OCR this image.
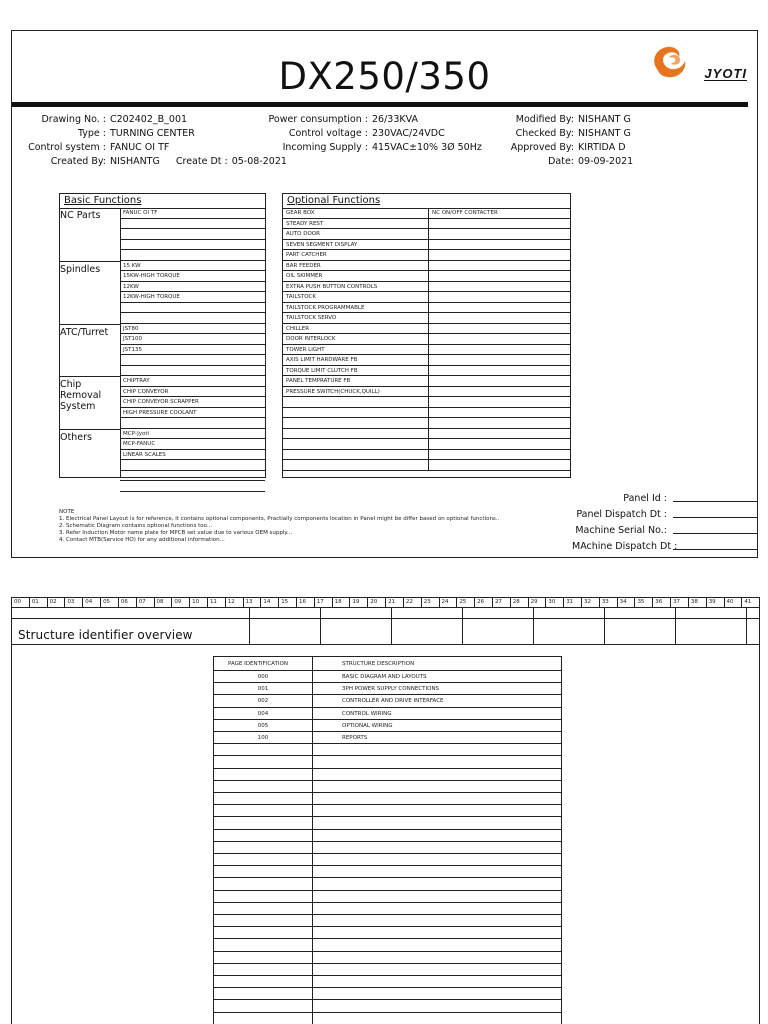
DX250/350	JYOTI
Drawing No. : C202402_B_001
Type : TURNING CENTER
Control system : FANUC OI TF
Created By: NISHANTG Create Dt : 05-08-2021
Power consumption : 26/33KVA
Control voltage : 230VAC/24VDC
Incoming Supply : 415VAC±10% 3Ø 50Hz
Modified By: NISHANT G
Checked By: NISHANT G
Approved By: KIRTIDA D
Date: 09-09-2021
Basic Functions
NC Parts	FANUC OI TF
Spindles	15 KW
15KW-HIGH TORQUE
12KW
12KW-HIGH TORQUE
ATC/Turret	JST80
JST100
JST135
Chip Removal System
CHIPTRAY
CHIP CONVEYOR
CHIP CONVEYOR SCRAPPER
HIGH PRESSURE COOLANT
Others	MCP-Jyoti
MCP-FANUC
LINEAR SCALES
Optional Functions
GEAR BOX	NC ON/OFF CONTACTER
STEADY REST
AUTO DOOR
SEVEN SEGMENT DISPLAY
PART CATCHER
BAR FEEDER
OIL SKIMMER
EXTRA PUSH BUTTON CONTROLS
TAILSTOCK
TAILSTOCK PROGRAMMABLE
TAILSTOCK SERVO
CHILLER
DOOR INTERLOCK
TOWER LIGHT
AXIS LIMIT HARDWARE FB
TORQUE LIMIT CLUTCH FB
PANEL TEMPRATURE FB
PRESSURE SWITCH(CHUCK,QUILL)
NOTE
1. Electrical Panel Layout is for reference, it contains optional components, Practially components location in Panel might be differ based on optional functions..
2. Schematic Diagram contains optional functions too...
3. Refer Induction Motor name plate for MPCB set value due to various OEM supply...
4. Contact MTB(Service HO) for any additional information...
Panel Id :
Panel Dispatch Dt :
Machine Serial No.:
MAchine Dispatch Dt :
00	01	02	03	04	05	06	07	08	09	10	11	12	13	14	15	16	17	18	19	20	21	22	23	24	25	26	27	28	29	30	31	32	33	34	35	36	37	38	39	40	41
Structure identifier overview
PAGE IDENTIFICATION	STRUCTURE DESCRIPTION
000	BASIC DIAGRAM AND LAYOUTS
001	3PH POWER SUPPLY CONNECTIONS
002	CONTROLLER AND DRIVE INTERFACE
004	CONTROL WIRING
005	OPTIONAL WIRING
100	REPORTS
